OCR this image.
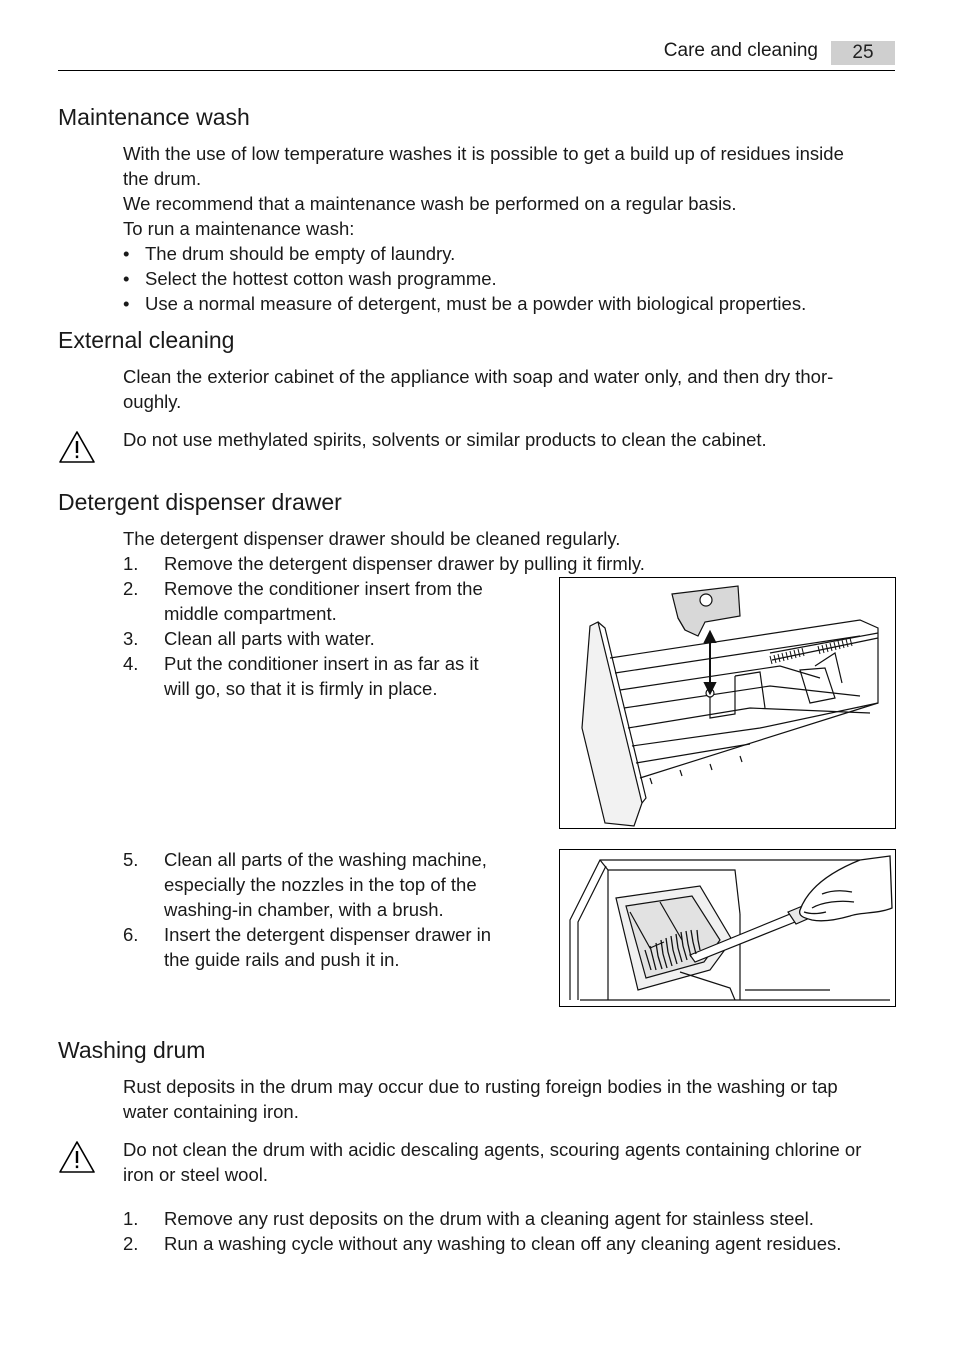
Care and cleaning	25
Maintenance wash
With the use of low temperature washes it is possible to get a build up of residues inside
the drum.
We recommend that a maintenance wash be performed on a regular basis.
To run a maintenance wash:
• The drum should be empty of laundry.
• Select the hottest cotton wash programme.
• Use a normal measure of detergent, must be a powder with biological properties.
External cleaning
Clean the exterior cabinet of the appliance with soap and water only, and then dry thor-
oughly.
Do not use methylated spirits, solvents or similar products to clean the cabinet.
Detergent dispenser drawer
The detergent dispenser drawer should be cleaned regularly.
1. Remove the detergent dispenser drawer by pulling it firmly.
2. Remove the conditioner insert from the
middle compartment.
3. Clean all parts with water.
4. Put the conditioner insert in as far as it
will go, so that it is firmly in place.
5. Clean all parts of the washing machine,
especially the nozzles in the top of the
washing-in chamber, with a brush.
6. Insert the detergent dispenser drawer in
the guide rails and push it in.
Washing drum
Rust deposits in the drum may occur due to rusting foreign bodies in the washing or tap
water containing iron.
Do not clean the drum with acidic descaling agents, scouring agents containing chlorine or
iron or steel wool.
1. Remove any rust deposits on the drum with a cleaning agent for stainless steel.
2. Run a washing cycle without any washing to clean off any cleaning agent residues.
